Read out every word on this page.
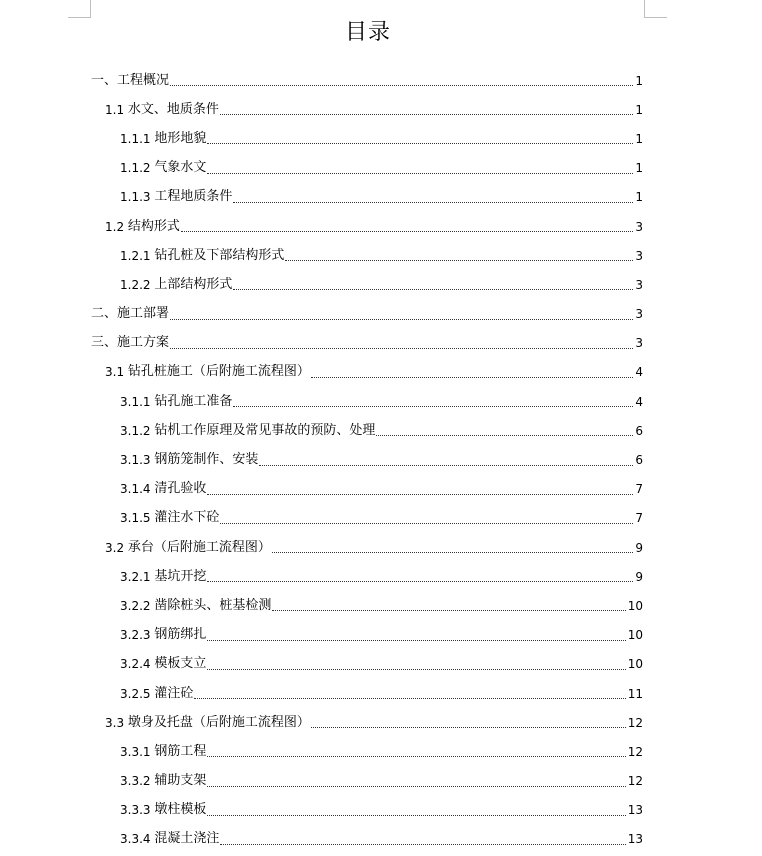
目录
一、工程概况	1
1.1 水文、地质条件	1
1.1.1 地形地貌	1
1.1.2 气象水文	1
1.1.3 工程地质条件	1
1.2 结构形式	3
1.2.1 钻孔桩及下部结构形式	3
1.2.2 上部结构形式	3
二、施工部署	3
三、施工方案	3
3.1 钻孔桩施工（后附施工流程图）	4
3.1.1 钻孔施工准备	4
3.1.2 钻机工作原理及常见事故的预防、处理	6
3.1.3 钢筋笼制作、安装	6
3.1.4 清孔验收	7
3.1.5 灌注水下砼	7
3.2 承台（后附施工流程图）	9
3.2.1 基坑开挖	9
3.2.2 凿除桩头、桩基检测	10
3.2.3 钢筋绑扎	10
3.2.4 模板支立	10
3.2.5 灌注砼	11
3.3 墩身及托盘（后附施工流程图）	12
3.3.1 钢筋工程	12
3.3.2 辅助支架	12
3.3.3 墩柱模板	13
3.3.4 混凝土浇注	13
